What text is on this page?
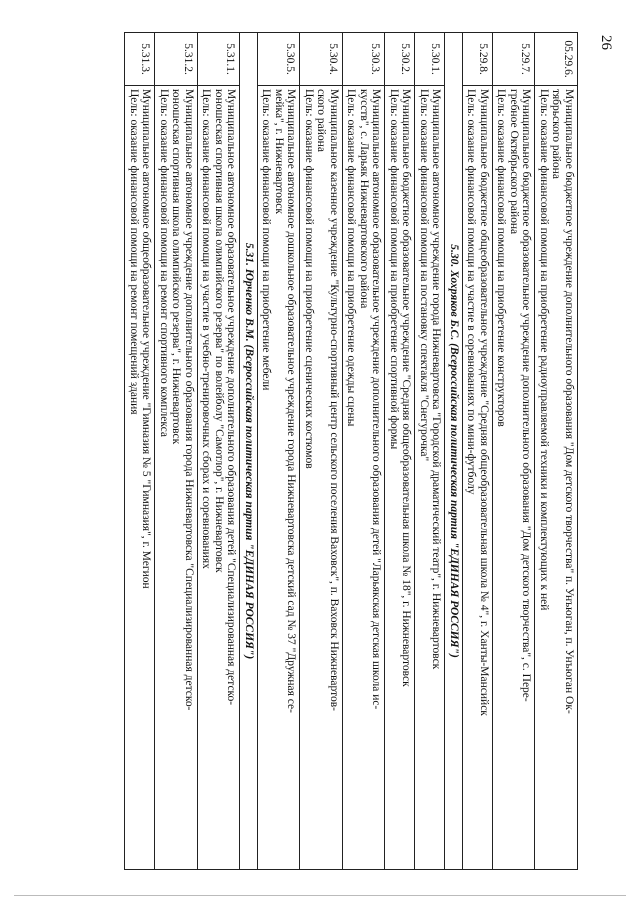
26
05.29.6.	Муниципальное бюджетное учреждение дополнительного образования "Дом детского творчества" п. Унъюган, п. Унъюган Ок-
тябрьского района
Цель: оказание финансовой помощи на приобретение радиоуправляемой техники и комплектующих к ней

5.29.7.	Муниципальное бюджетное образовательное учреждение дополнительного образования "Дом детского творчества", с. Пере-
гребное Октябрьского района
Цель: оказание финансовой помощи на приобретение конструкторов

5.29.8.	Муниципальное бюджетное общеобразовательное учреждение "Средняя общеобразовательная школа № 4", г. Ханты-Мансийск
Цель: оказание финансовой помощи на участие в соревнованиях по мини-футболу

5.30. Хохряков Б.С. (Всероссийская политическая партия "ЕДИНАЯ РОССИЯ")	
5.30.1.	Муниципальное автономное учреждение города Нижневартовска "Городской драматический театр", г. Нижневартовск
Цель: оказание финансовой помощи на постановку спектакля "Снегурочка"

5.30.2.	Муниципальное бюджетное образовательное учреждение "Средняя общеобразовательная школа № 18", г. Нижневартовск
Цель: оказание финансовой помощи на приобретение спортивной формы

5.30.3.	Муниципальное автономное образовательное учреждение дополнительного образования детей "Ларьякская детская школа ис-
кусств", с. Ларьяк Нижневартовского района
Цель: оказание финансовой помощи на приобретение одежды сцены

5.30.4.	Муниципальное казенное учреждение "Культурно-спортивный центр сельского поселения Ваховск", п. Ваховск Нижневартов-
ского района
Цель: оказание финансовой помощи на приобретение сценических костюмов

5.30.5.	Муниципальное автономное дошкольное образовательное учреждение города Нижневартовска детский сад № 37 "Дружная се-
мейка", г. Нижневартовск
Цель: оказание финансовой помощи на приобретение мебели

5.31. Юрченко В.М. (Всероссийская политическая партия "ЕДИНАЯ РОССИЯ")	
5.31.1.	Муниципальное автономное образовательное учреждение дополнительного образования детей "Специализированная детско-
юношеская спортивная школа олимпийского резерва" по волейболу "Самотлор", г. Нижневартовск
Цель: оказание финансовой помощи на участие в учебно-тренировочных сборах и соревнованиях

5.31.2.	Муниципальное автономное учреждение дополнительного образования города Нижневартовска "Специализированная детско-
юношеская спортивная школа олимпийского резерва", г. Нижневартовск
Цель: оказание финансовой помощи на ремонт спортивного комплекса

5.31.3.	Муниципальное автономное общеобразовательное учреждение "Гимназия № 5 "Гимназия", г. Мегион
Цель: оказание финансовой помощи на ремонт помещений здания
